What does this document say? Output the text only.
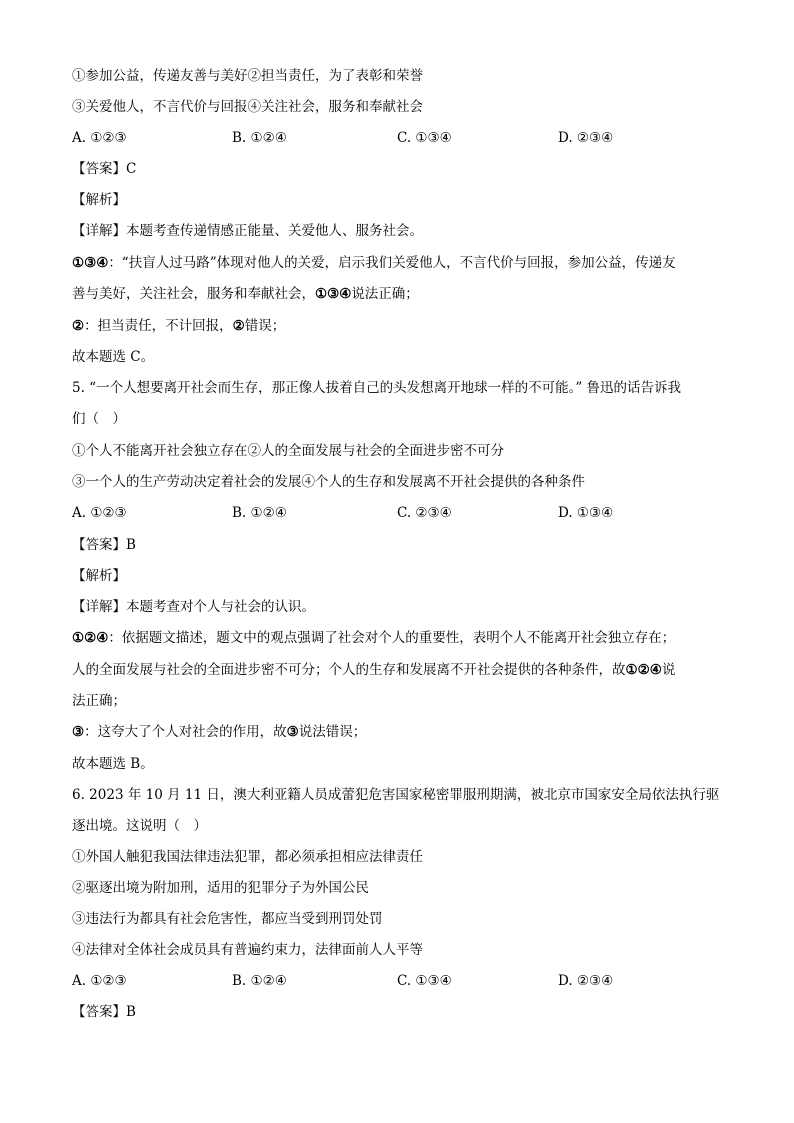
①参加公益，传递友善与美好②担当责任，为了表彰和荣誉
③关爱他人，不言代价与回报④关注社会，服务和奉献社会
A. ①②③	B. ①②④	C. ①③④	D. ②③④
【答案】C
【解析】
【详解】本题考查传递情感正能量、关爱他人、服务社会。
①③④：“扶盲人过马路”体现对他人的关爱，启示我们关爱他人，不言代价与回报，参加公益，传递友
善与美好，关注社会，服务和奉献社会，①③④说法正确；
②：担当责任，不计回报，②错误；
故本题选 C。
5. “一个人想要离开社会而生存，那正像人拔着自己的头发想离开地球一样的不可能。” 鲁迅的话告诉我
们（　）
①个人不能离开社会独立存在②人的全面发展与社会的全面进步密不可分
③一个人的生产劳动决定着社会的发展④个人的生存和发展离不开社会提供的各种条件
A. ①②③	B. ①②④	C. ②③④	D. ①③④
【答案】B
【解析】
【详解】本题考查对个人与社会的认识。
①②④：依据题文描述，题文中的观点强调了社会对个人的重要性，表明个人不能离开社会独立存在；
人的全面发展与社会的全面进步密不可分；个人的生存和发展离不开社会提供的各种条件，故①②④说
法正确；
③：这夸大了个人对社会的作用，故③说法错误；
故本题选 B。
6. 2023 年 10 月 11 日，澳大利亚籍人员成蕾犯危害国家秘密罪服刑期满，被北京市国家安全局依法执行驱
逐出境。这说明（　）
①外国人触犯我国法律违法犯罪，都必须承担相应法律责任
②驱逐出境为附加刑，适用的犯罪分子为外国公民
③违法行为都具有社会危害性，都应当受到刑罚处罚
④法律对全体社会成员具有普遍约束力，法律面前人人平等
A. ①②③	B. ①②④	C. ①③④	D. ②③④
【答案】B
